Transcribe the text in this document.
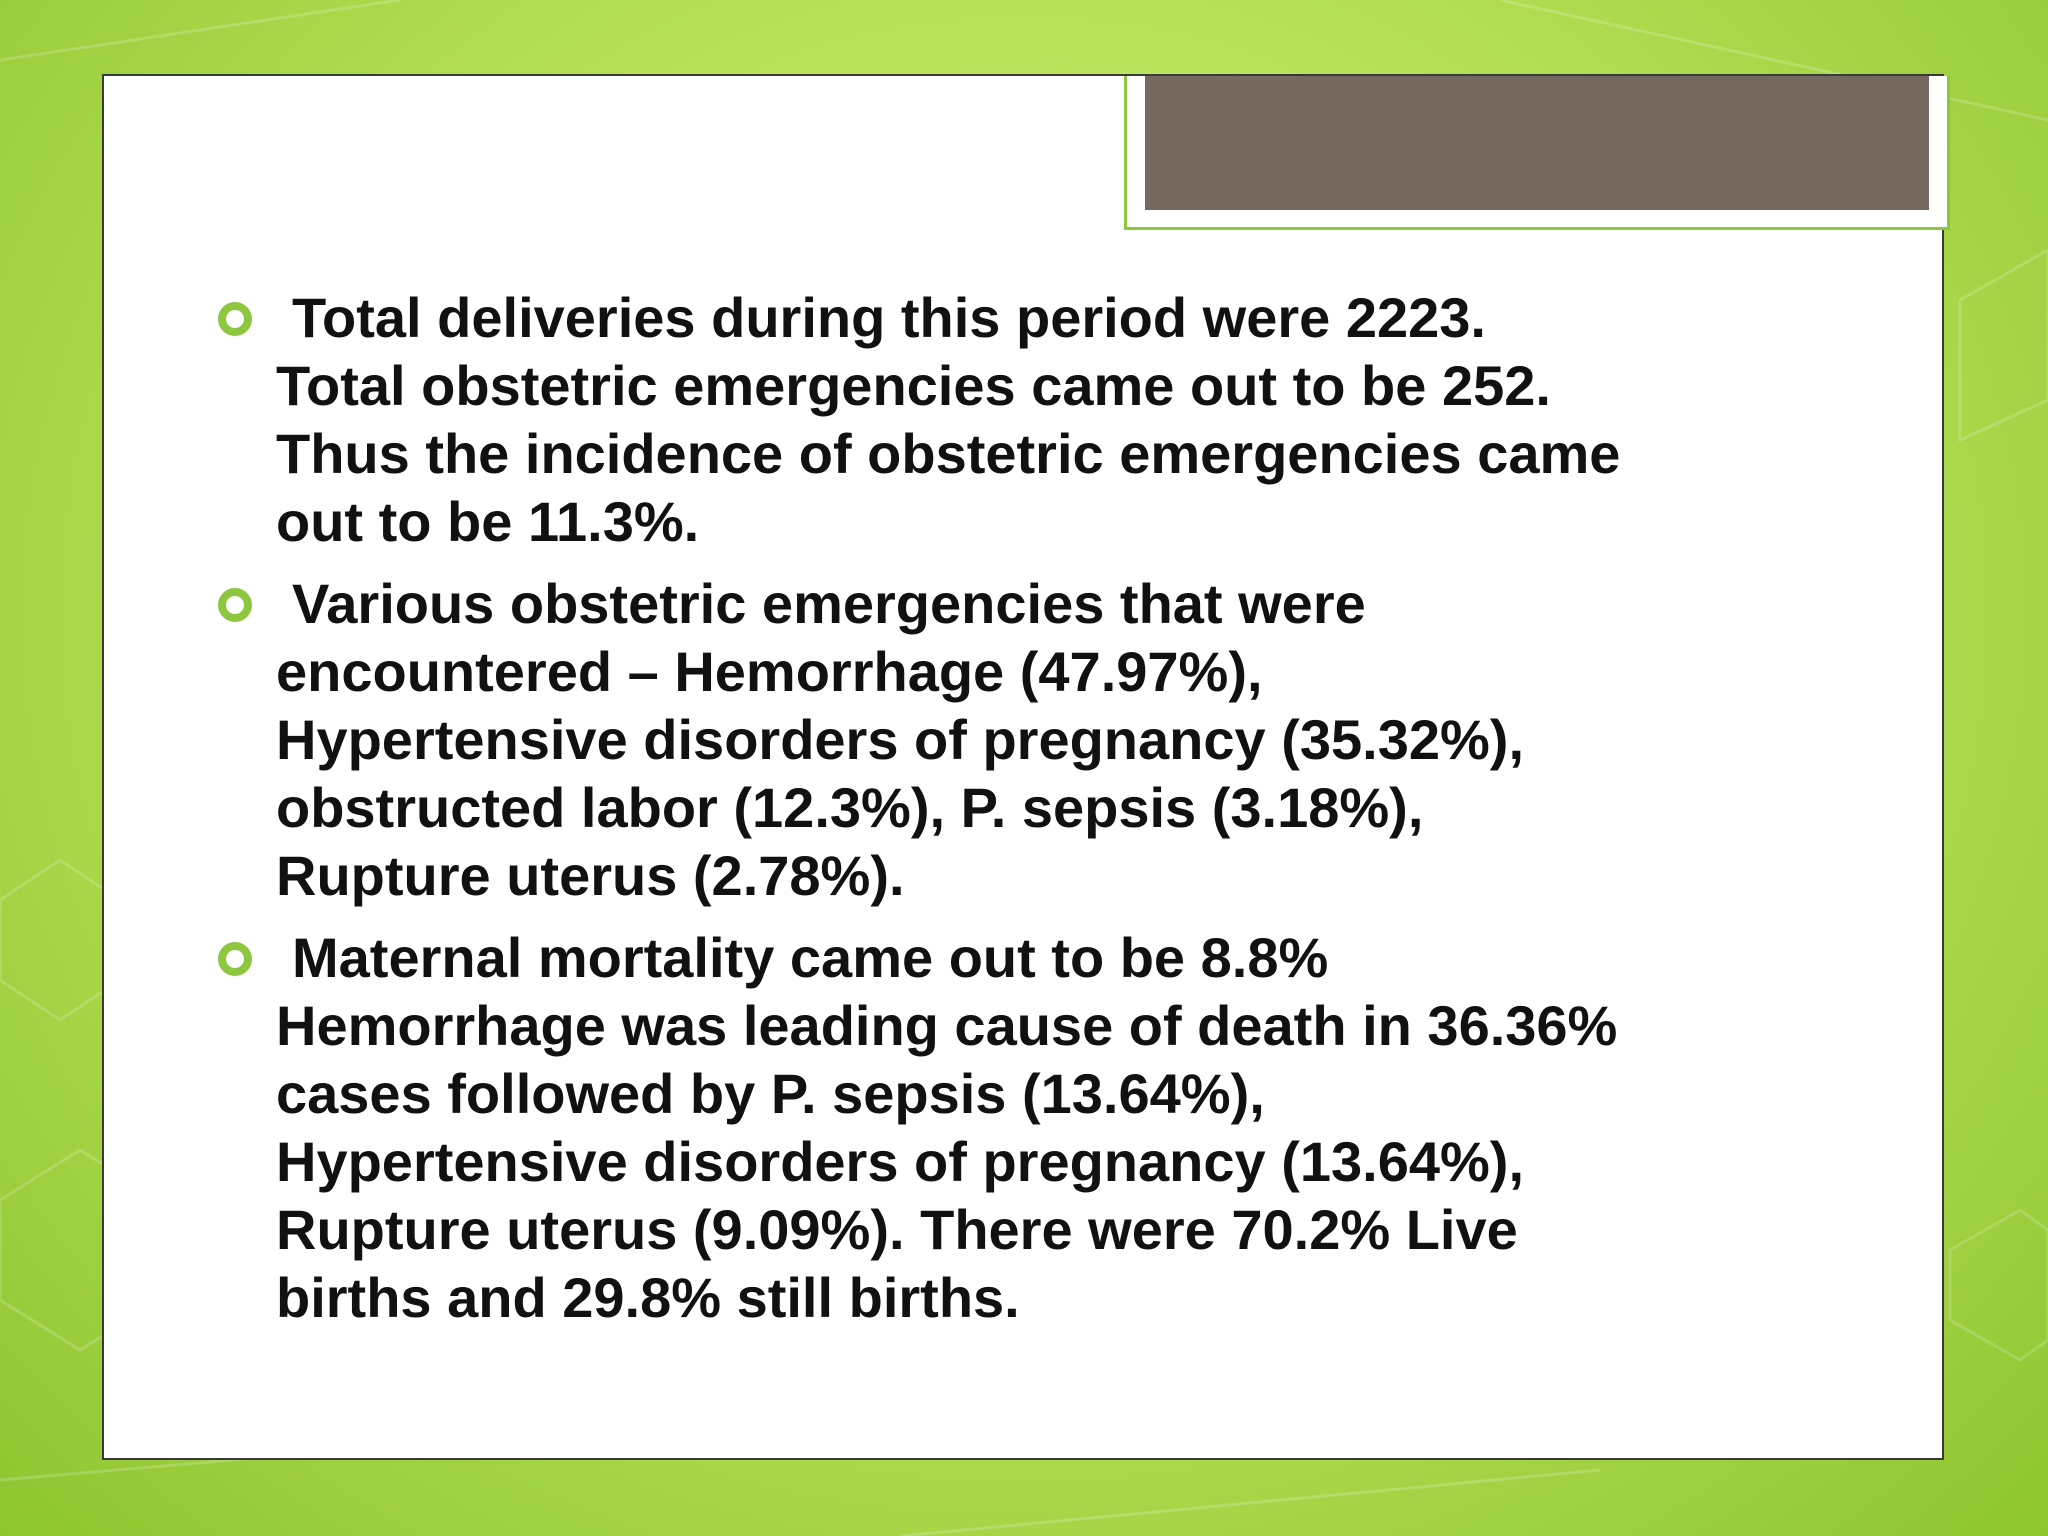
Total deliveries during this period were 2223.
Total obstetric emergencies came out to be 252.
Thus the incidence of obstetric emergencies came
out to be 11.3%.
Various obstetric emergencies that were
encountered – Hemorrhage (47.97%),
Hypertensive disorders of pregnancy (35.32%),
obstructed labor (12.3%), P. sepsis (3.18%),
Rupture uterus (2.78%).
Maternal mortality came out to be 8.8%
Hemorrhage was leading cause of death in 36.36%
cases followed by P. sepsis (13.64%),
Hypertensive disorders of pregnancy (13.64%),
Rupture uterus (9.09%). There were 70.2% Live
births and 29.8% still births.
